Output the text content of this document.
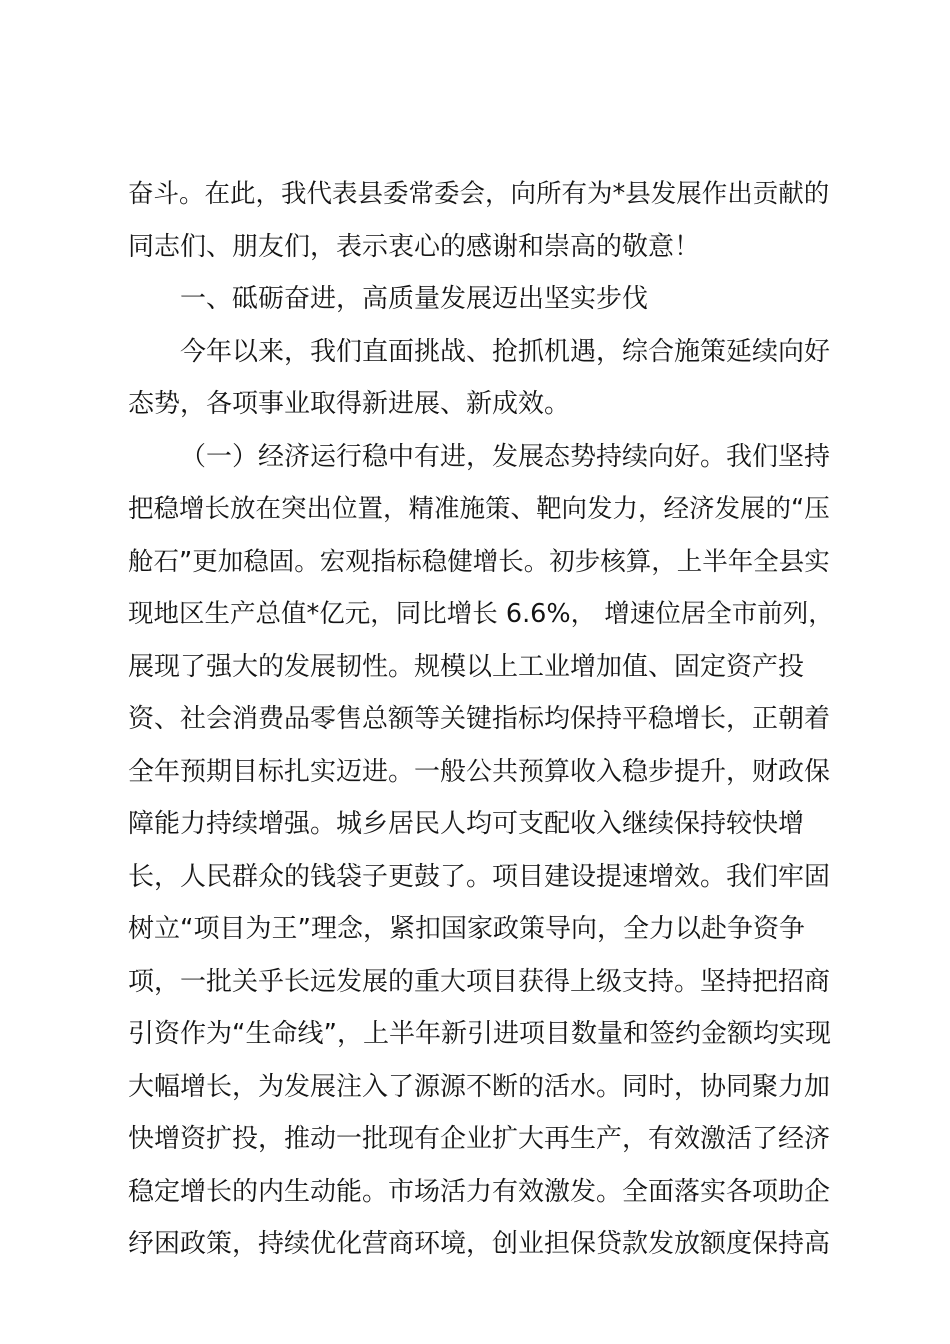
奋斗。在此，我代表县委常委会，向所有为*县发展作出贡献的
同志们、朋友们，表示衷心的感谢和崇高的敬意！
一、砥砺奋进，高质量发展迈出坚实步伐
今年以来，我们直面挑战、抢抓机遇，综合施策延续向好
态势，各项事业取得新进展、新成效。
（一）经济运行稳中有进，发展态势持续向好。我们坚持
把稳增长放在突出位置，精准施策、靶向发力，经济发展的“压
舱石”更加稳固。宏观指标稳健增长。初步核算，上半年全县实
现地区生产总值*亿元，同比增长 6.6%， 增速位居全市前列，
展现了强大的发展韧性。规模以上工业增加值、固定资产投
资、社会消费品零售总额等关键指标均保持平稳增长，正朝着
全年预期目标扎实迈进。一般公共预算收入稳步提升，财政保
障能力持续增强。城乡居民人均可支配收入继续保持较快增
长，人民群众的钱袋子更鼓了。项目建设提速增效。我们牢固
树立“项目为王”理念，紧扣国家政策导向，全力以赴争资争
项，一批关乎长远发展的重大项目获得上级支持。坚持把招商
引资作为“生命线”，上半年新引进项目数量和签约金额均实现
大幅增长，为发展注入了源源不断的活水。同时，协同聚力加
快增资扩投，推动一批现有企业扩大再生产，有效激活了经济
稳定增长的内生动能。市场活力有效激发。全面落实各项助企
纾困政策，持续优化营商环境，创业担保贷款发放额度保持高
